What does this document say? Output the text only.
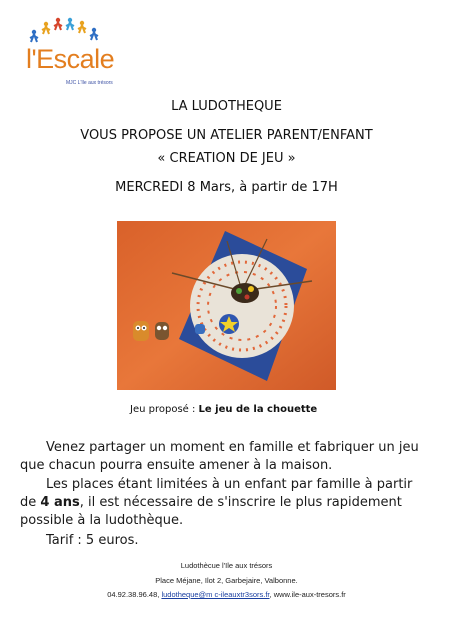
l'Escale
MJC L'Ile aux trésors
LA LUDOTHEQUE
VOUS PROPOSE UN ATELIER PARENT/ENFANT
« CREATION DE JEU »
MERCREDI 8 Mars, à partir de 17H
Jeu proposé : Le jeu de la chouette
Venez partager un moment en famille et fabriquer un jeu que chacun pourra ensuite amener à la maison.
Les places étant limitées à un enfant par famille à partir de 4 ans, il est nécessaire de s'inscrire le plus rapidement possible à la ludothèque.
Tarif : 5 euros.
Ludothècue l'Ile aux trésors
Place Méjane, Ilot 2, Garbejaire, Valbonne.
04.92.38.96.48, ludotheque@m c-ileauxtr3sors.fr, www.ile-aux-tresors.fr
